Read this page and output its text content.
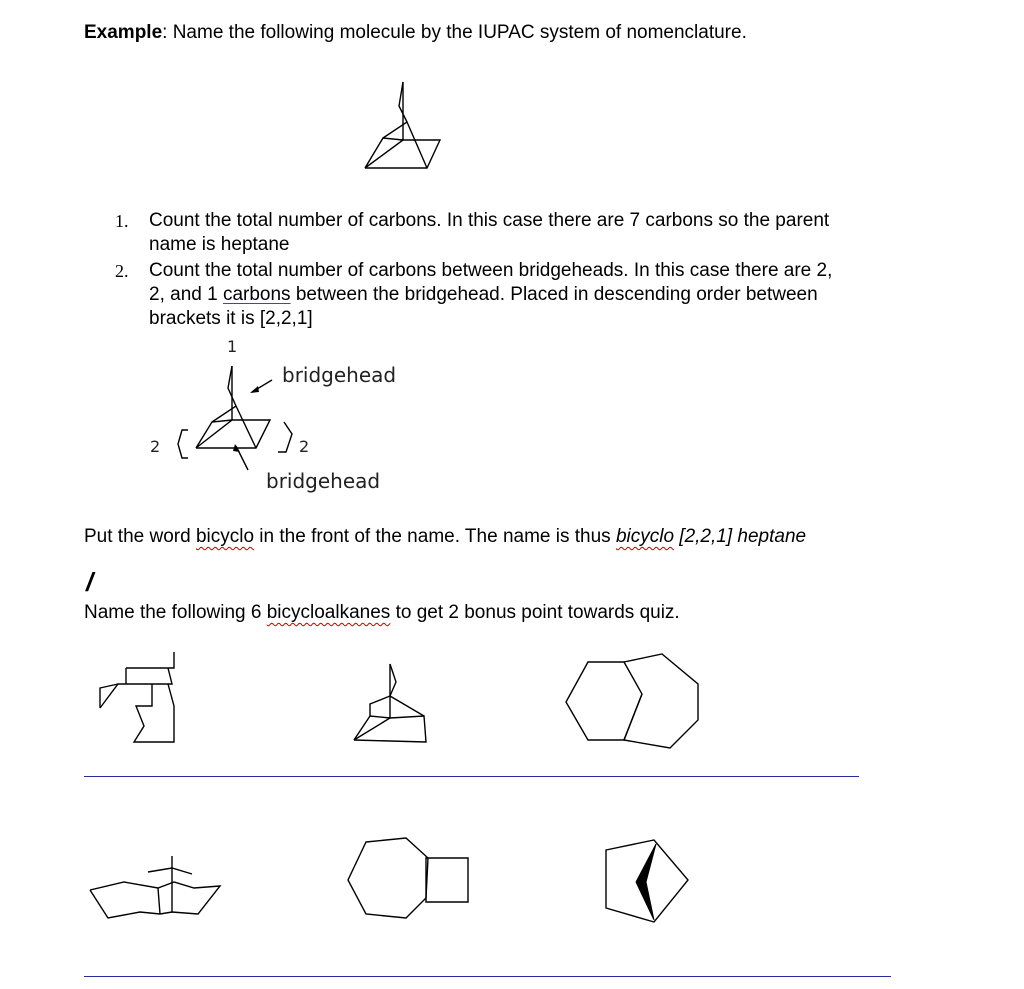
Example: Name the following molecule by the IUPAC system of nomenclature.
1. Count the total number of carbons. In this case there are 7 carbons so the parent
name is heptane
2. Count the total number of carbons between bridgeheads. In this case there are 2,
2, and 1 carbons between the bridgehead. Placed in descending order between
brackets it is [2,2,1]
1
2	2
bridgehead
bridgehead
Put the word bicyclo in the front of the name. The name is thus bicyclo [2,2,1] heptane
/
Name the following 6 bicycloalkanes to get 2 bonus point towards quiz.
